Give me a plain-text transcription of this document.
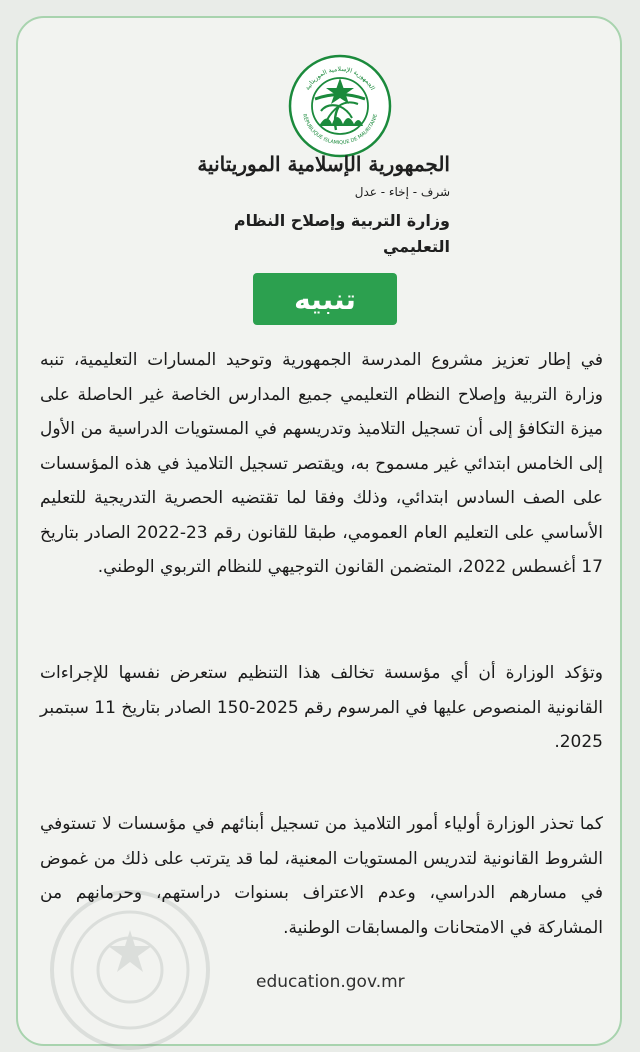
الجمهورية الإسلامية الموريتانية
RÉPUBLIQUE ISLAMIQUE DE MAURITANIE
الجمهورية الإسلامية الموريتانية
شرف - إخاء - عدل
وزارة التربية وإصلاح النظام التعليمي
تنبيه

في إطار تعزيز مشروع المدرسة الجمهورية وتوحيد المسارات التعليمية، تنبه وزارة التربية وإصلاح النظام التعليمي جميع المدارس الخاصة غير الحاصلة على ميزة التكافؤ إلى أن تسجيل التلاميذ وتدريسهم في المستويات الدراسية من الأول إلى الخامس ابتدائي غير مسموح به، ويقتصر تسجيل التلاميذ في هذه المؤسسات على الصف السادس ابتدائي، وذلك وفقا لما تقتضيه الحصرية التدريجية للتعليم الأساسي على التعليم العام العمومي، طبقا للقانون رقم 23-2022 الصادر بتاريخ 17 أغسطس 2022، المتضمن القانون التوجيهي للنظام التربوي الوطني.

وتؤكد الوزارة أن أي مؤسسة تخالف هذا التنظيم ستعرض نفسها للإجراءات القانونية المنصوص عليها في المرسوم رقم 2025-150 الصادر بتاريخ 11 سبتمبر 2025.

كما تحذر الوزارة أولياء أمور التلاميذ من تسجيل أبنائهم في مؤسسات لا تستوفي الشروط القانونية لتدريس المستويات المعنية، لما قد يترتب على ذلك من غموض في مسارهم الدراسي، وعدم الاعتراف بسنوات دراستهم، وحرمانهم من المشاركة في الامتحانات والمسابقات الوطنية.

education.gov.mr
